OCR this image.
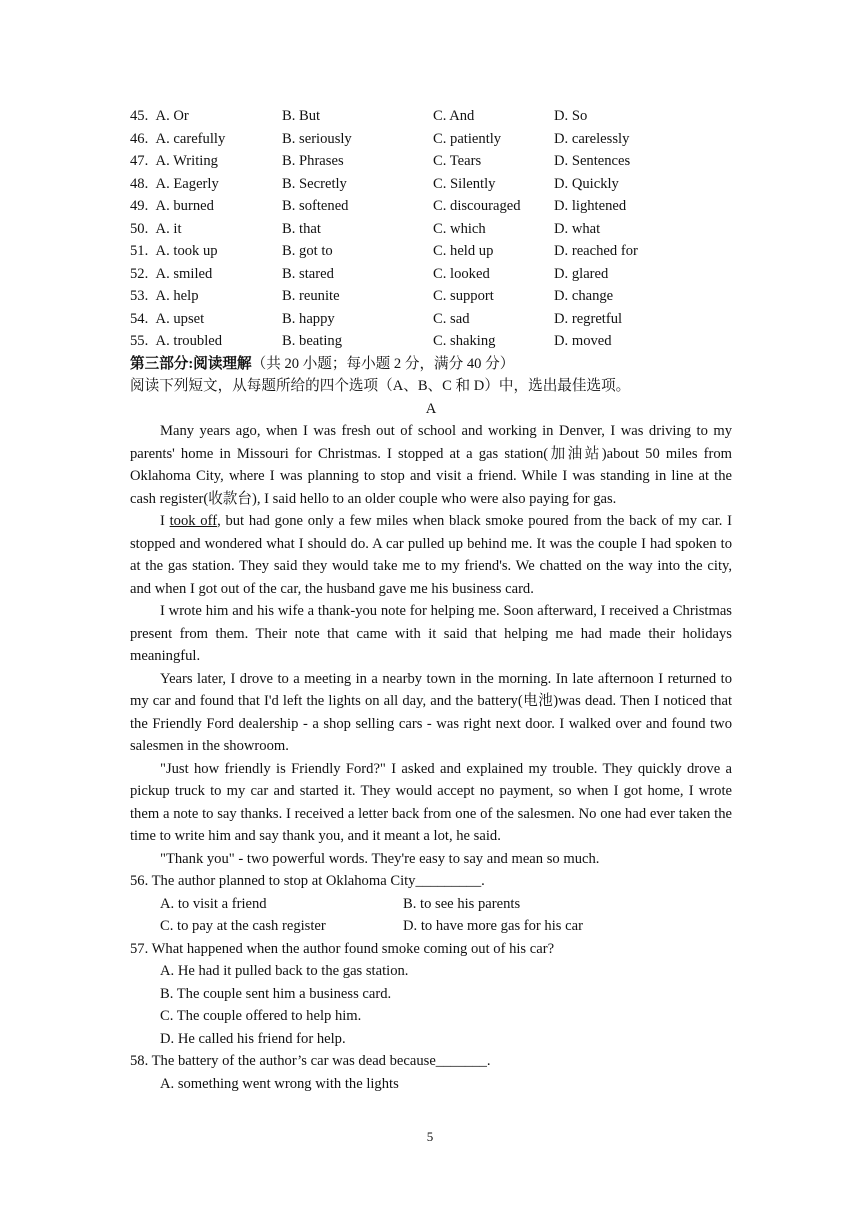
45. A. Or	B. But	C. And	D. So
46. A. carefully	B. seriously	C. patiently	D. carelessly
47. A. Writing	B. Phrases	C. Tears	D. Sentences
48. A. Eagerly	B. Secretly	C. Silently	D. Quickly
49. A. burned	B. softened	C. discouraged D. lightened
50. A. it	B. that	C. which	D. what
51. A. took up	B. got to	C. held up	D. reached for
52. A. smiled	B. stared	C. looked	D. glared
53. A. help	B. reunite	C. support	D. change
54. A. upset	B. happy	C. sad	D. regretful
55. A. troubled	B. beating	C. shaking	D. moved
第三部分:阅读理解（共 20 小题；每小题 2 分，满分 40 分）
阅读下列短文，从每题所给的四个选项（A、B、C 和 D）中，选出最佳选项。
A

Many years ago, when I was fresh out of school and working in Denver, I was driving to my parents' home in Missouri for Christmas. I stopped at a gas station(加油站)about 50 miles from Oklahoma City, where I was planning to stop and visit a friend. While I was standing in line at the cash register(收款台), I said hello to an older couple who were also paying for gas.

I took off, but had gone only a few miles when black smoke poured from the back of my car. I stopped and wondered what I should do. A car pulled up behind me. It was the couple I had spoken to at the gas station. They said they would take me to my friend's. We chatted on the way into the city, and when I got out of the car, the husband gave me his business card.

I wrote him and his wife a thank-you note for helping me. Soon afterward, I received a Christmas present from them. Their note that came with it said that helping me had made their holidays meaningful.

Years later, I drove to a meeting in a nearby town in the morning. In late afternoon I returned to my car and found that I'd left the lights on all day, and the battery(电池)was dead. Then I noticed that the Friendly Ford dealership - a shop selling cars - was right next door. I walked over and found two salesmen in the showroom.

"Just how friendly is Friendly Ford?" I asked and explained my trouble. They quickly drove a pickup truck to my car and started it. They would accept no payment, so when I got home, I wrote them a note to say thanks. I received a letter back from one of the salesmen. No one had ever taken the time to write him and say thank you, and it meant a lot, he said.

"Thank you" - two powerful words. They're easy to say and mean so much.

56. The author planned to stop at Oklahoma City_________.
A. to visit a friend	B. to see his parents
C. to pay at the cash register	D. to have more gas for his car
57. What happened when the author found smoke coming out of his car?
A. He had it pulled back to the gas station.
B. The couple sent him a business card.
C. The couple offered to help him.
D. He called his friend for help.
58. The battery of the author’s car was dead because_______.
A. something went wrong with the lights
5
